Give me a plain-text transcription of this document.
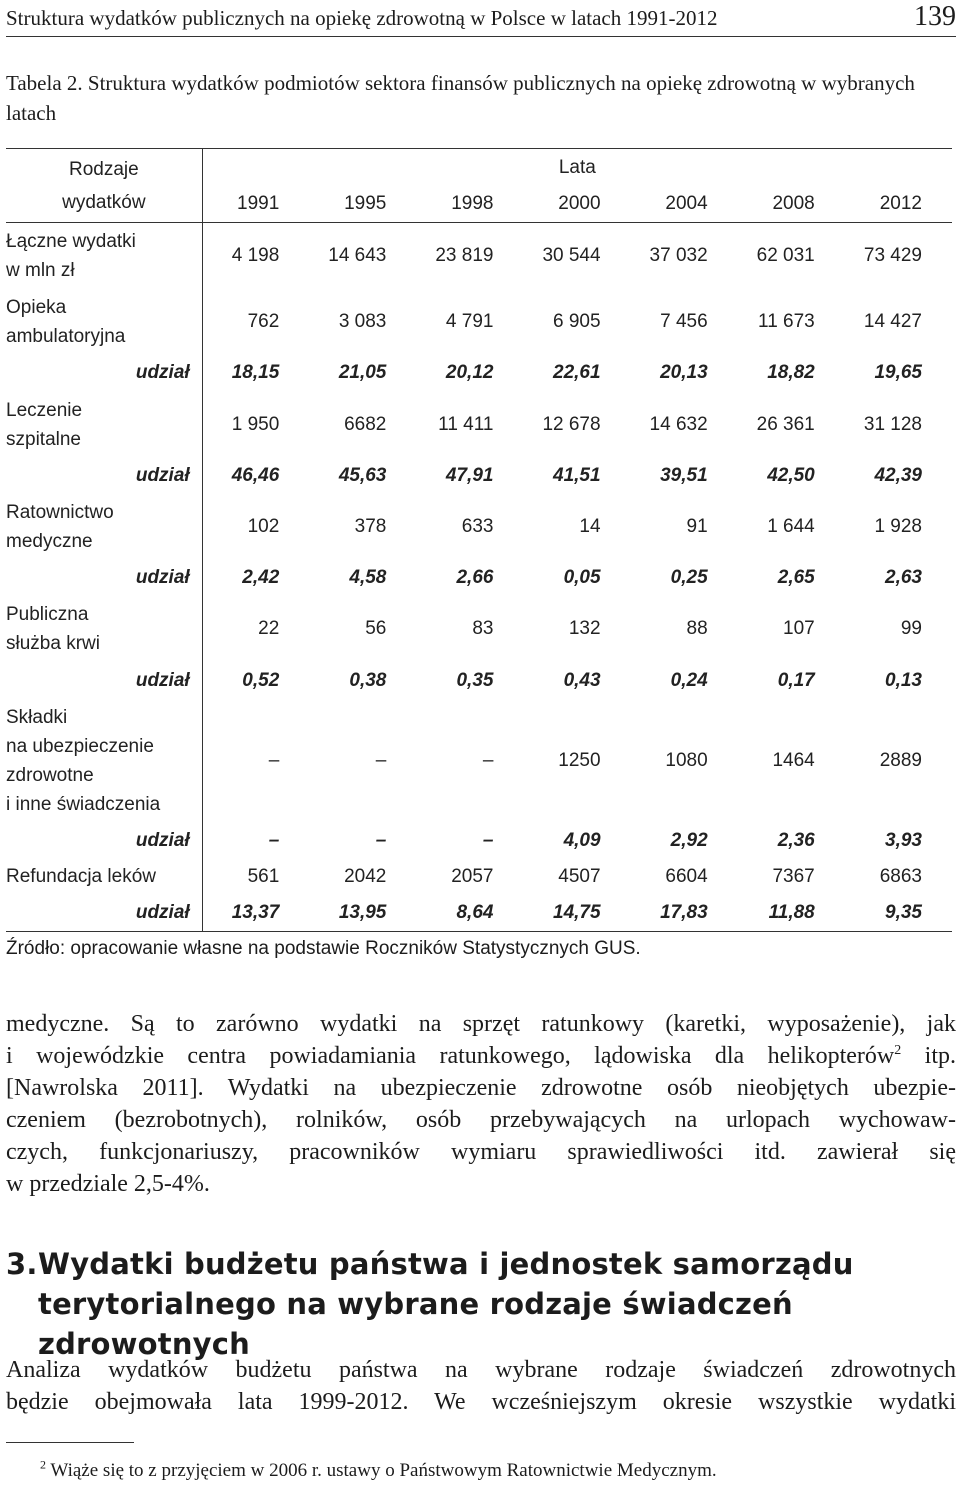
Struktura wydatków publicznych na opiekę zdrowotną w Polsce w latach 1991-2012	139
Tabela 2. Struktura wydatków podmiotów sektora finansów publicznych na opiekę zdrowotną w wybranych latach
Rodzaje
wydatków	Lata						
	1991	1995	1998	2000	2004	2008	2012

Łączne wydatki
w mln zł	4 198	14 643	23 819	30 544	37 032	62 031	73 429

Opieka
ambulatoryjna	762	3 083	4 791	6 905	7 456	11 673	14 427
udział	18,15	21,05	20,12	22,61	20,13	18,82	19,65

Leczenie
szpitalne	1 950	6682	11 411	12 678	14 632	26 361	31 128
udział	46,46	45,63	47,91	41,51	39,51	42,50	42,39

Ratownictwo
medyczne	102	378	633	14	91	1 644	1 928
udział	2,42	4,58	2,66	0,05	0,25	2,65	2,63

Publiczna
służba krwi	22	56	83	132	88	107	99
udział	0,52	0,38	0,35	0,43	0,24	0,17	0,13

Składki
na ubezpieczenie
zdrowotne
i inne świadczenia	–	–	–	1250	1080	1464	2889
udział	–	–	–	4,09	2,92	2,36	3,93

Refundacja leków	561	2042	2057	4507	6604	7367	6863
udział	13,37	13,95	8,64	14,75	17,83	11,88	9,35
Źródło: opracowanie własne na podstawie Roczników Statystycznych GUS.
medyczne. Są to zarówno wydatki na sprzęt ratunkowy (karetki, wyposażenie), jak
i wojewódzkie centra powiadamiania ratunkowego, lądowiska dla helikopterów$^2$ itp.
[Nawrolska 2011]. Wydatki na ubezpieczenie zdrowotne osób nieobjętych ubezpie-
czeniem (bezrobotnych), rolników, osób przebywających na urlopach wychowaw-
czych, funkcjonariuszy, pracowników wymiaru sprawiedliwości itd. zawierał się
w przedziale 2,5-4%.
3.Wydatki budżetu państwa i jednostek samorządu
terytorialnego na wybrane rodzaje świadczeń zdrowotnych
Analiza wydatków budżetu państwa na wybrane rodzaje świadczeń zdrowotnych
będzie obejmowała lata 1999-2012. We wcześniejszym okresie wszystkie wydatki
$^2$ Wiąże się to z przyjęciem w 2006 r. ustawy o Państwowym Ratownictwie Medycznym.
